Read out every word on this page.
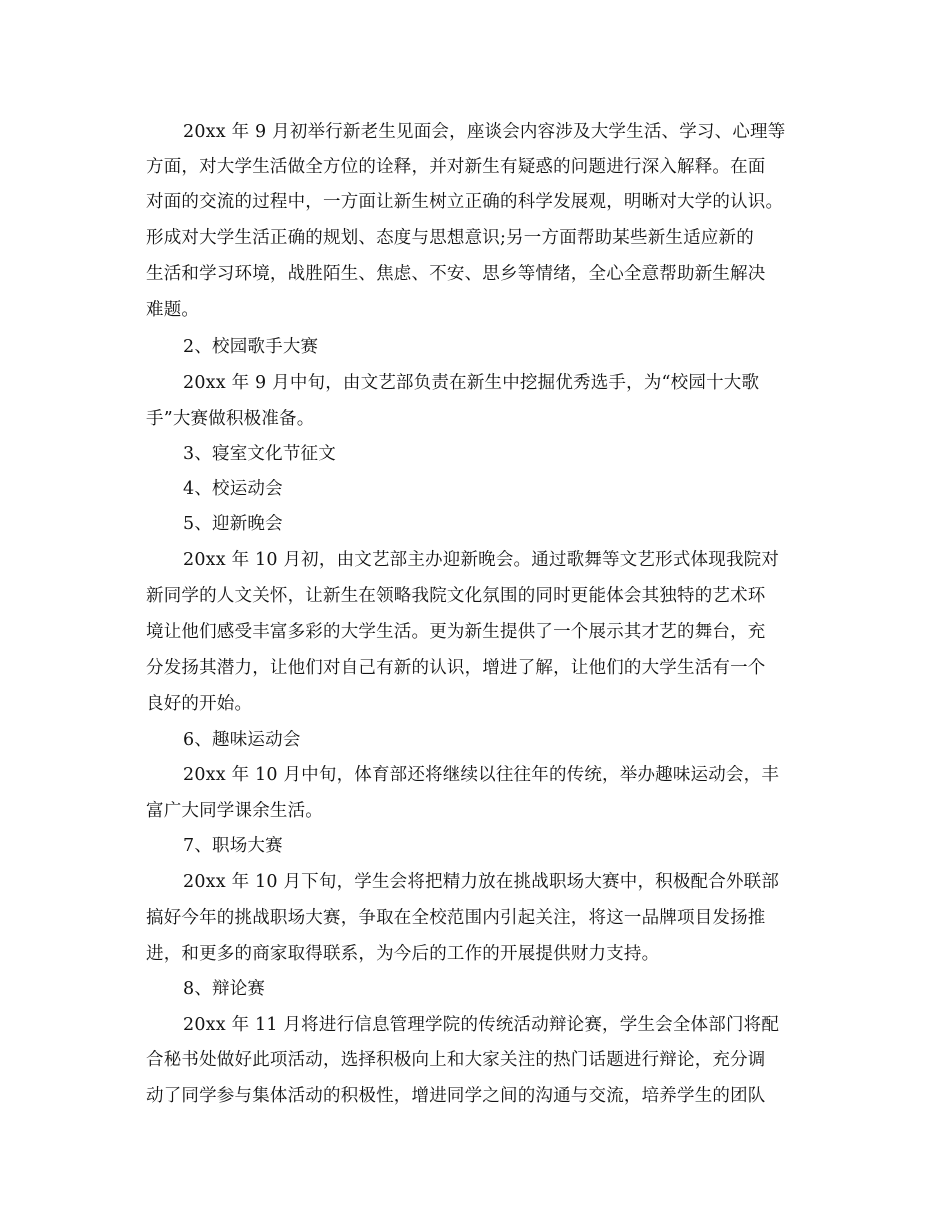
20xx 年 9 月初举行新老生见面会，座谈会内容涉及大学生活、学习、心理等
方面，对大学生活做全方位的诠释，并对新生有疑惑的问题进行深入解释。在面
对面的交流的过程中，一方面让新生树立正确的科学发展观，明晰对大学的认识。
形成对大学生活正确的规划、态度与思想意识;另一方面帮助某些新生适应新的
生活和学习环境，战胜陌生、焦虑、不安、思乡等情绪，全心全意帮助新生解决
难题。
2、校园歌手大赛
20xx 年 9 月中旬，由文艺部负责在新生中挖掘优秀选手，为“校园十大歌
手”大赛做积极准备。
3、寝室文化节征文
4、校运动会
5、迎新晚会
20xx 年 10 月初，由文艺部主办迎新晚会。通过歌舞等文艺形式体现我院对
新同学的人文关怀，让新生在领略我院文化氛围的同时更能体会其独特的艺术环
境让他们感受丰富多彩的大学生活。更为新生提供了一个展示其才艺的舞台，充
分发扬其潜力，让他们对自己有新的认识，增进了解，让他们的大学生活有一个
良好的开始。
6、趣味运动会
20xx 年 10 月中旬，体育部还将继续以往往年的传统，举办趣味运动会，丰
富广大同学课余生活。
7、职场大赛
20xx 年 10 月下旬，学生会将把精力放在挑战职场大赛中，积极配合外联部
搞好今年的挑战职场大赛，争取在全校范围内引起关注，将这一品牌项目发扬推
进，和更多的商家取得联系，为今后的工作的开展提供财力支持。
8、辩论赛
20xx 年 11 月将进行信息管理学院的传统活动辩论赛，学生会全体部门将配
合秘书处做好此项活动，选择积极向上和大家关注的热门话题进行辩论，充分调
动了同学参与集体活动的积极性，增进同学之间的沟通与交流，培养学生的团队
